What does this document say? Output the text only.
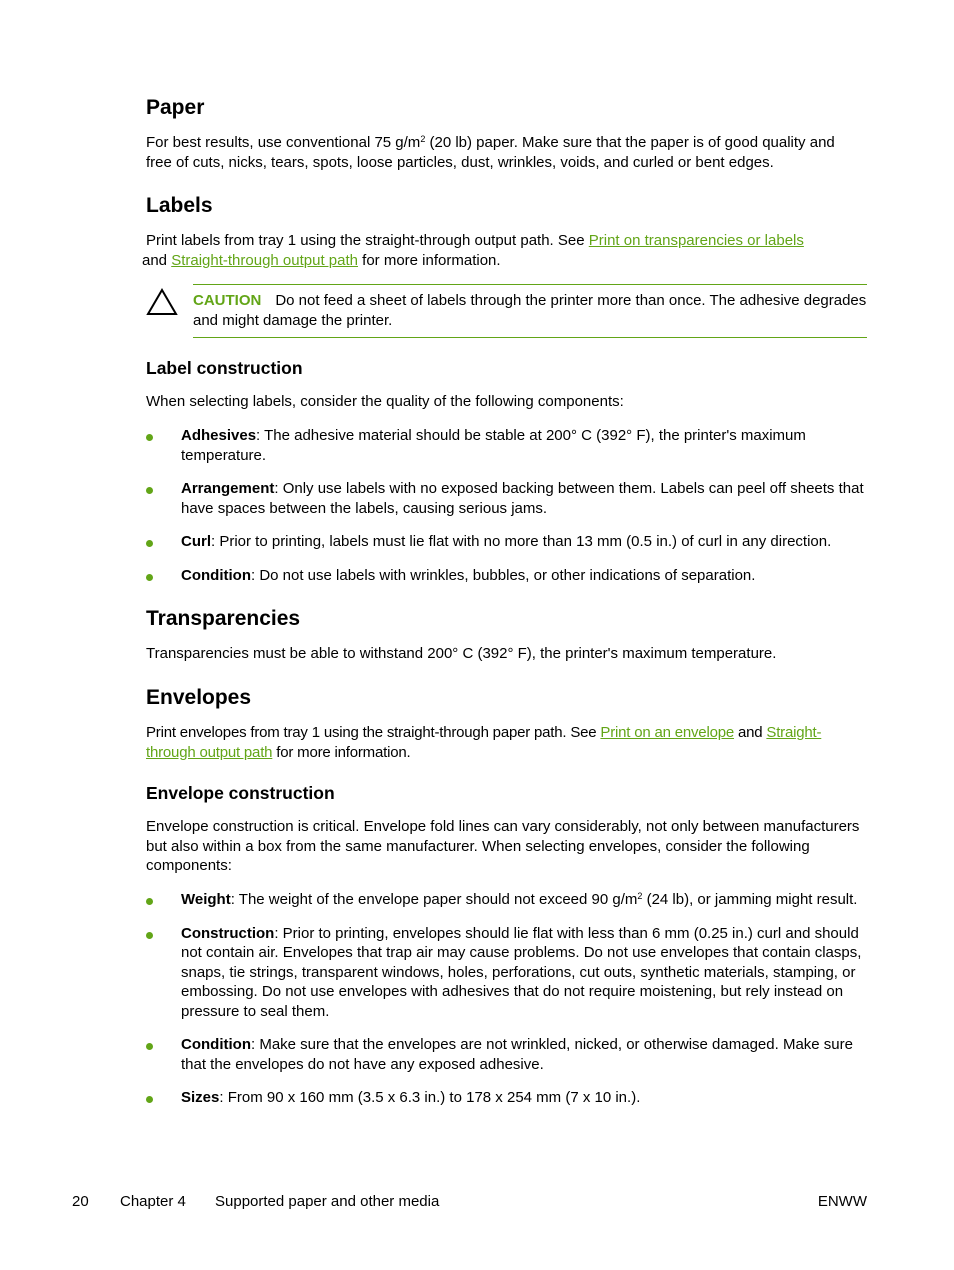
Paper

For best results, use conventional 75 $g/m^2$ (20 lb) paper. Make sure that the paper is of good quality and free of cuts, nicks, tears, spots, loose particles, dust, wrinkles, voids, and curled or bent edges.

Labels

Print labels from tray 1 using the straight-through output path. See Print on transparencies or labels
and Straight-through output path for more information.

CAUTION Do not feed a sheet of labels through the printer more than once. The adhesive degrades and might damage the printer.
Label construction

When selecting labels, consider the quality of the following components:

Adhesives: The adhesive material should be stable at 200° C (392° F), the printer's maximum temperature.
Arrangement: Only use labels with no exposed backing between them. Labels can peel off sheets that have spaces between the labels, causing serious jams.
Curl: Prior to printing, labels must lie flat with no more than 13 mm (0.5 in.) of curl in any direction.
Condition: Do not use labels with wrinkles, bubbles, or other indications of separation.
Transparencies

Transparencies must be able to withstand 200° C (392° F), the printer's maximum temperature.

Envelopes

Print envelopes from tray 1 using the straight-through paper path. See Print on an envelope and Straight-through output path for more information.

Envelope construction

Envelope construction is critical. Envelope fold lines can vary considerably, not only between manufacturers but also within a box from the same manufacturer. When selecting envelopes, consider the following components:

Weight: The weight of the envelope paper should not exceed 90 $g/m^2$ (24 lb), or jamming might result.
Construction: Prior to printing, envelopes should lie flat with less than 6 mm (0.25 in.) curl and should not contain air. Envelopes that trap air may cause problems. Do not use envelopes that contain clasps, snaps, tie strings, transparent windows, holes, perforations, cut outs, synthetic materials, stamping, or embossing. Do not use envelopes with adhesives that do not require moistening, but rely instead on pressure to seal them.
Condition: Make sure that the envelopes are not wrinkled, nicked, or otherwise damaged. Make sure that the envelopes do not have any exposed adhesive.
Sizes: From 90 x 160 mm (3.5 x 6.3 in.) to 178 x 254 mm (7 x 10 in.).
20 Chapter 4 Supported paper and other media	ENWW
